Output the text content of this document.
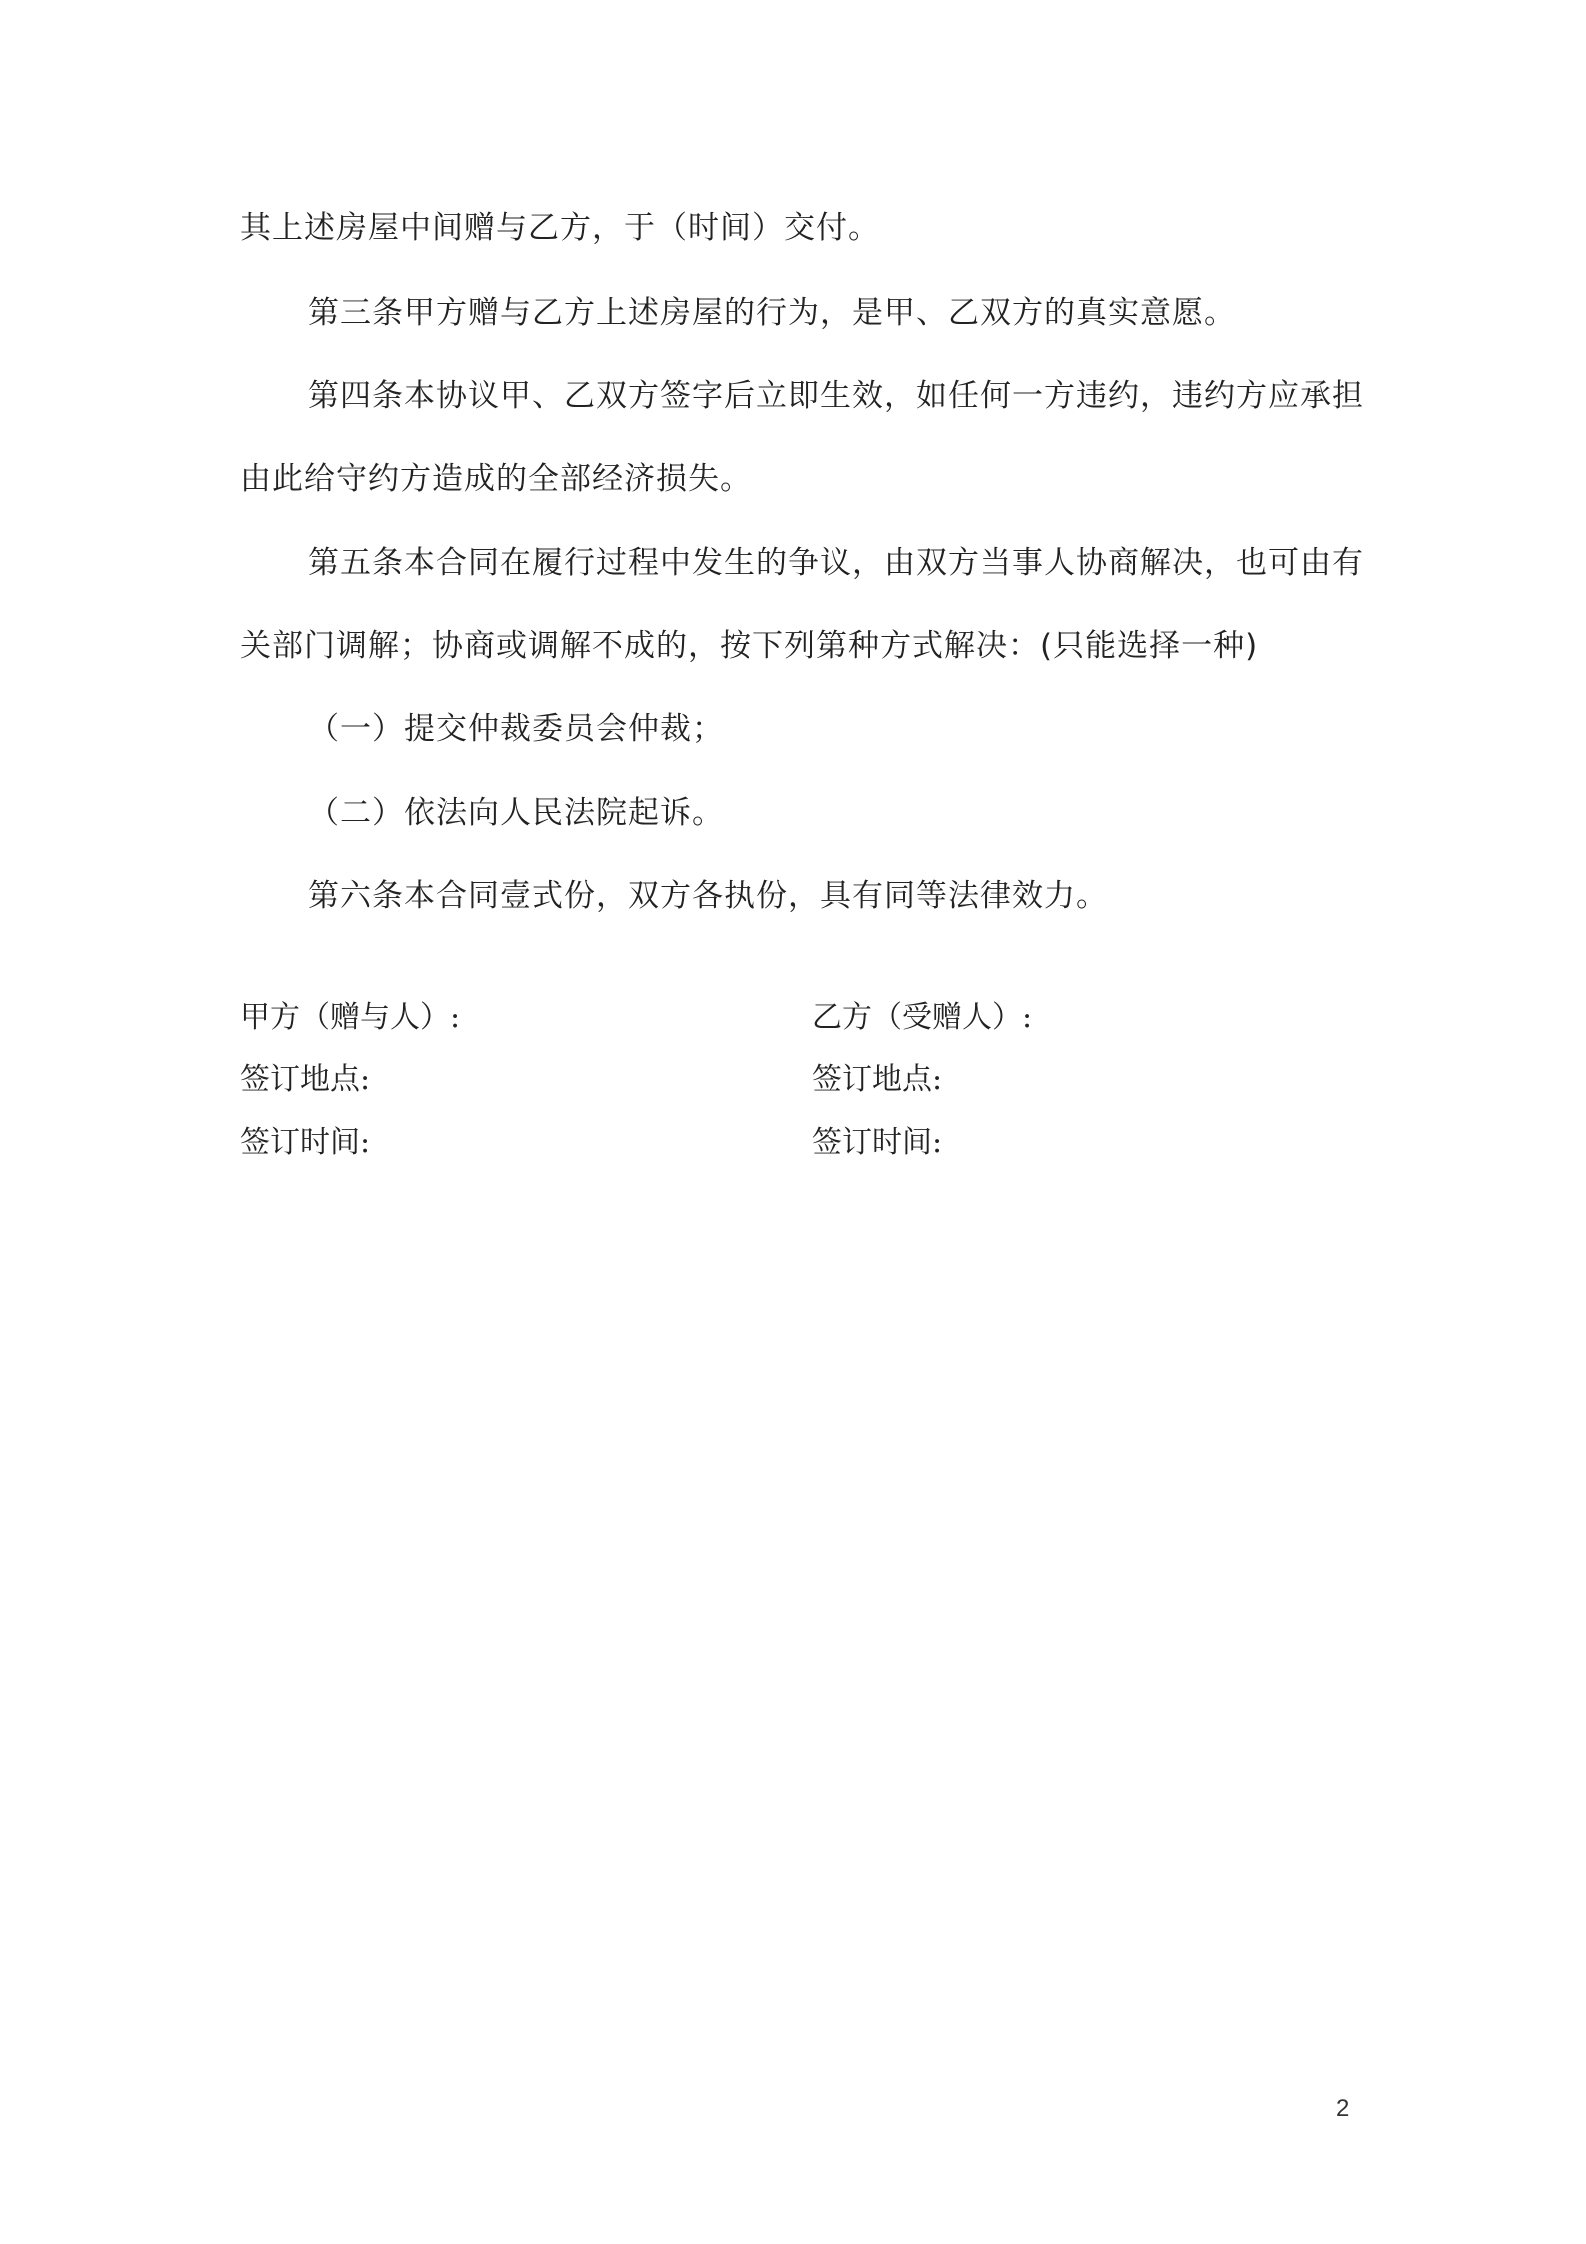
其上述房屋中间赠与乙方，于（时间）交付。
第三条甲方赠与乙方上述房屋的行为，是甲、乙双方的真实意愿。
第四条本协议甲、乙双方签字后立即生效，如任何一方违约，违约方应承担
由此给守约方造成的全部经济损失。
第五条本合同在履行过程中发生的争议，由双方当事人协商解决，也可由有
关部门调解；协商或调解不成的，按下列第种方式解决：(只能选择一种)
（一）提交仲裁委员会仲裁；
（二）依法向人民法院起诉。
第六条本合同壹式份，双方各执份，具有同等法律效力。
甲方（赠与人）:	乙方（受赠人）:
签订地点:	签订地点:
签订时间:	签订时间:
2
